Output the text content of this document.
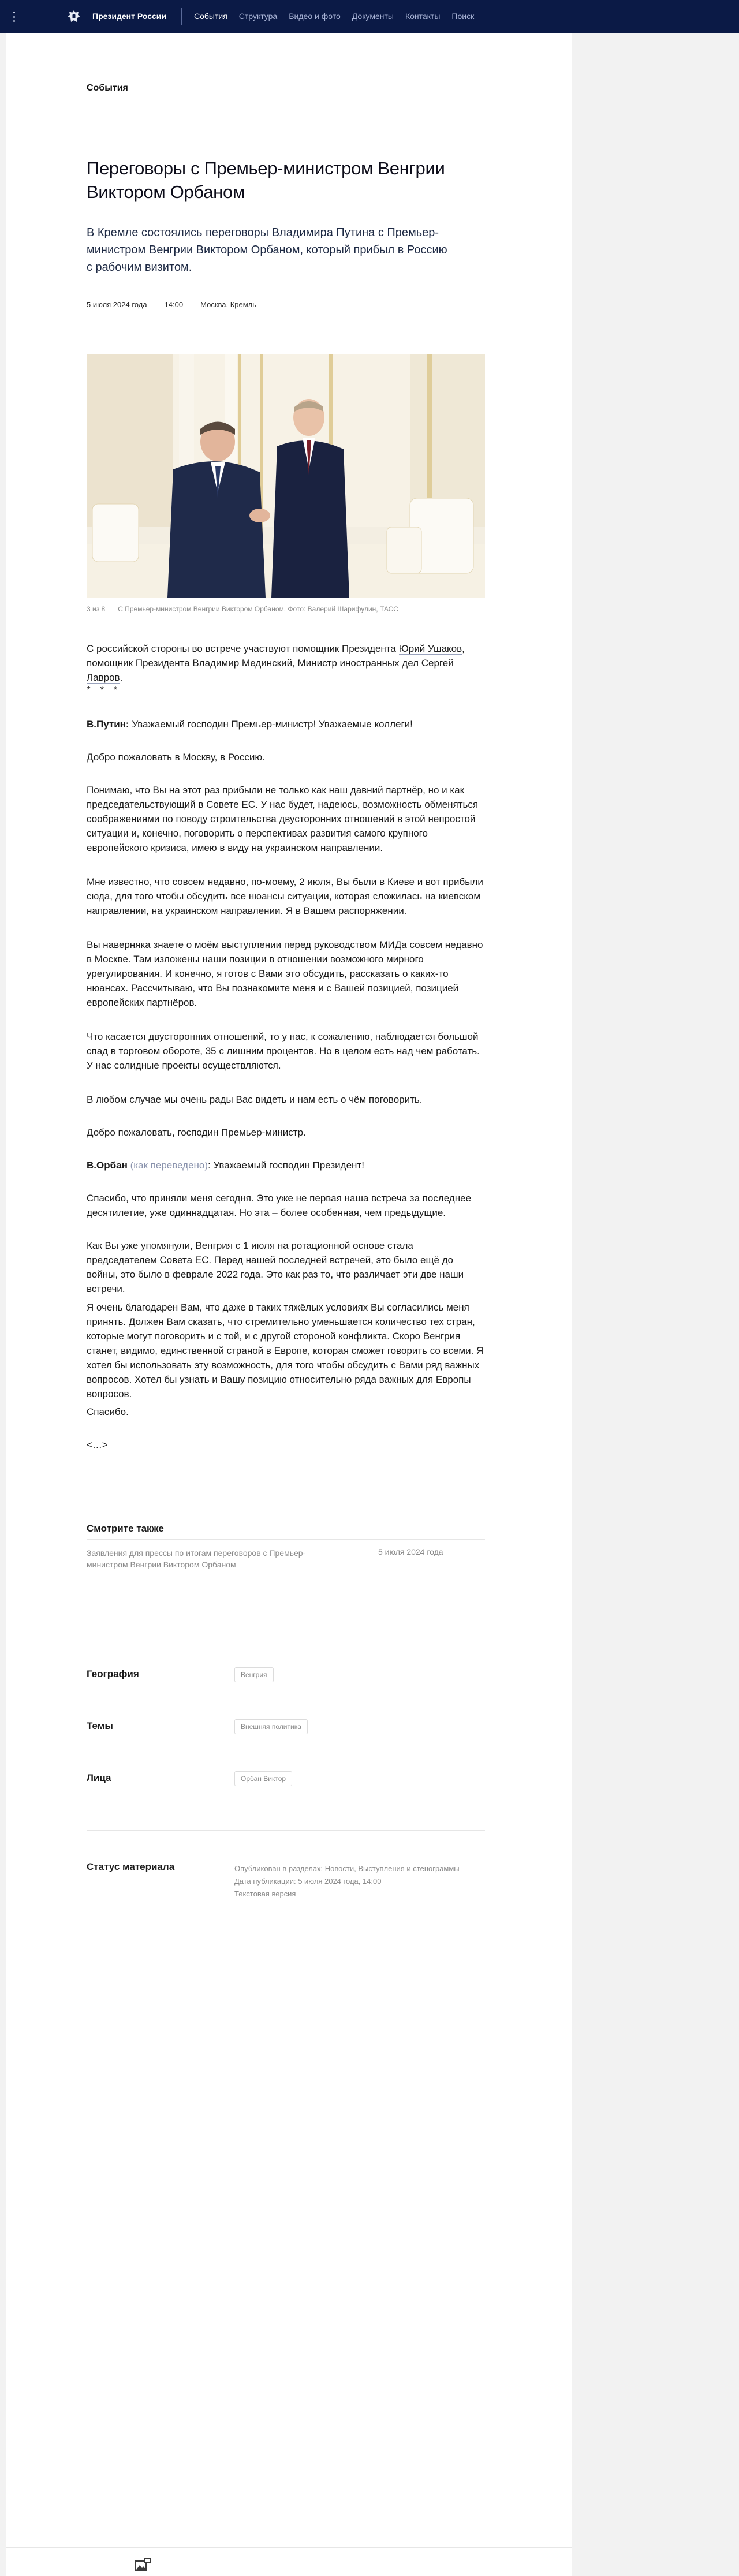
Президент России	События Структура Видео и фото Документы Контакты Поиск
События
Переговоры с Премьер-министром Венгрии Виктором Орбаном

В Кремле состоялись переговоры Владимира Путина с Премьер-министром Венгрии Виктором Орбаном, который прибыл в Россию с рабочим визитом.

5 июля 2024 года 14:00 Москва, Кремль
3 из 8 С Премьер-министром Венгрии Виктором Орбаном. Фото: Валерий Шарифулин, ТАСС

С российской стороны во встрече участвуют помощник Президента Юрий Ушаков, помощник Президента Владимир Мединский, Министр иностранных дел Сергей Лавров.

* * *

В.Путин: Уважаемый господин Премьер-министр! Уважаемые коллеги!

Добро пожаловать в Москву, в Россию.

Понимаю, что Вы на этот раз прибыли не только как наш давний партнёр, но и как председательствующий в Совете ЕС. У нас будет, надеюсь, возможность обменяться соображениями по поводу строительства двусторонних отношений в этой непростой ситуации и, конечно, поговорить о перспективах развития самого крупного европейского кризиса, имею в виду на украинском направлении.

Мне известно, что совсем недавно, по-моему, 2 июля, Вы были в Киеве и вот прибыли сюда, для того чтобы обсудить все нюансы ситуации, которая сложилась на киевском направлении, на украинском направлении. Я в Вашем распоряжении.

Вы наверняка знаете о моём выступлении перед руководством МИДа совсем недавно в Москве. Там изложены наши позиции в отношении возможного мирного урегулирования. И конечно, я готов с Вами это обсудить, рассказать о каких-то нюансах. Рассчитываю, что Вы познакомите меня и с Вашей позицией, позицией европейских партнёров.

Что касается двусторонних отношений, то у нас, к сожалению, наблюдается большой спад в торговом обороте, 35 с лишним процентов. Но в целом есть над чем работать. У нас солидные проекты осуществляются.

В любом случае мы очень рады Вас видеть и нам есть о чём поговорить.

Добро пожаловать, господин Премьер-министр.

В.Орбан (как переведено): Уважаемый господин Президент!

Спасибо, что приняли меня сегодня. Это уже не первая наша встреча за последнее десятилетие, уже одиннадцатая. Но эта – более особенная, чем предыдущие.

Как Вы уже упомянули, Венгрия с 1 июля на ротационной основе стала председателем Совета ЕС. Перед нашей последней встречей, это было ещё до войны, это было в феврале 2022 года. Это как раз то, что различает эти две наши встречи.

Я очень благодарен Вам, что даже в таких тяжёлых условиях Вы согласились меня принять. Должен Вам сказать, что стремительно уменьшается количество тех стран, которые могут поговорить и с той, и с другой стороной конфликта. Скоро Венгрия станет, видимо, единственной страной в Европе, которая сможет говорить со всеми. Я хотел бы использовать эту возможность, для того чтобы обсудить с Вами ряд важных вопросов. Хотел бы узнать и Вашу позицию относительно ряда важных для Европы вопросов.

Спасибо.

<…>

Смотрите также
Заявления для прессы по итогам переговоров с Премьер-министром Венгрии Виктором Орбаном
5 июля 2024 года
География	Венгрия
Темы	Внешняя политика
Лица	Орбан Виктор
Статус материала	Опубликован в разделах: Новости, Выступления и стенограммы
Дата публикации: 5 июля 2024 года, 14:00
Текстовая версия
